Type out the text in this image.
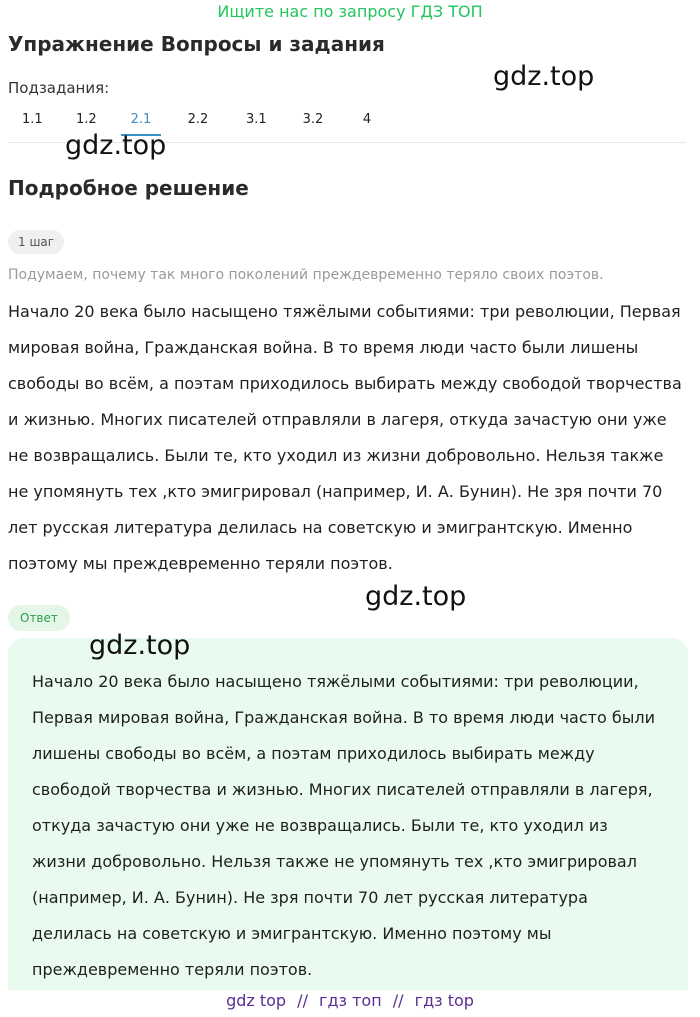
Ищите нас по запросу ГДЗ ТОП
Упражнение Вопросы и задания
Подзадания:
1.1	1.2	2.1	2.2	3.1	3.2	4
gdz.top
gdz.top
Подробное решение
1 шаг
Подумаем, почему так много поколений преждевременно теряло своих поэтов.

Начало 20 века было насыщено тяжёлыми событиями: три революции, Первая мировая война, Гражданская война. В то время люди часто были лишены свободы во всём, а поэтам приходилось выбирать между свободой творчества и жизнью. Многих писателей отправляли в лагеря, откуда зачастую они уже не возвращались. Были те, кто уходил из жизни добровольно. Нельзя также не упомянуть тех ,кто эмигрировал (например, И. А. Бунин). Не зря почти 70 лет русская литература делилась на советскую и эмигрантскую. Именно поэтому мы преждевременно теряли поэтов.

gdz.top
Ответ

Начало 20 века было насыщено тяжёлыми событиями: три революции, Первая мировая война, Гражданская война. В то время люди часто были лишены свободы во всём, а поэтам приходилось выбирать между свободой творчества и жизнью. Многих писателей отправляли в лагеря, откуда зачастую они уже не возвращались. Были те, кто уходил из жизни добровольно. Нельзя также не упомянуть тех ,кто эмигрировал (например, И. А. Бунин). Не зря почти 70 лет русская литература делилась на советскую и эмигрантскую. Именно поэтому мы преждевременно теряли поэтов.

gdz.top
gdz top // гдз топ // гдз top
